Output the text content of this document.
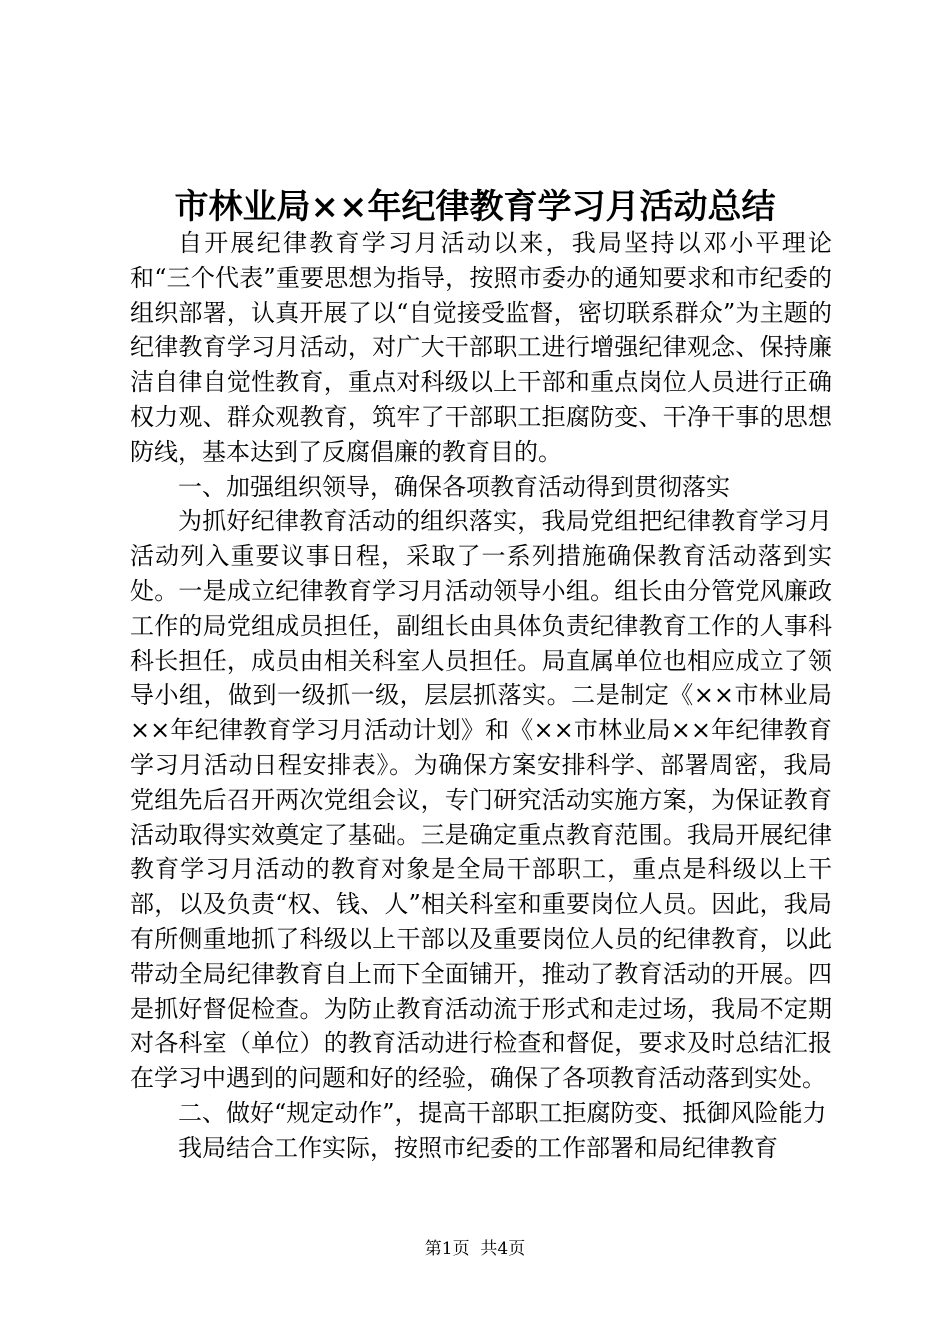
市林业局××年纪律教育学习月活动总结

自开展纪律教育学习月活动以来，我局坚持以邓小平理论和“三个代表”重要思想为指导，按照市委办的通知要求和市纪委的组织部署，认真开展了以“自觉接受监督，密切联系群众”为主题的纪律教育学习月活动，对广大干部职工进行增强纪律观念、保持廉洁自律自觉性教育，重点对科级以上干部和重点岗位人员进行正确权力观、群众观教育，筑牢了干部职工拒腐防变、干净干事的思想防线，基本达到了反腐倡廉的教育目的。

一、加强组织领导，确保各项教育活动得到贯彻落实

为抓好纪律教育活动的组织落实，我局党组把纪律教育学习月活动列入重要议事日程，采取了一系列措施确保教育活动落到实处。一是成立纪律教育学习月活动领导小组。组长由分管党风廉政工作的局党组成员担任，副组长由具体负责纪律教育工作的人事科科长担任，成员由相关科室人员担任。局直属单位也相应成立了领导小组，做到一级抓一级，层层抓落实。二是制定《××市林业局××年纪律教育学习月活动计划》和《××市林业局××年纪律教育学习月活动日程安排表》。为确保方案安排科学、部署周密，我局党组先后召开两次党组会议，专门研究活动实施方案，为保证教育活动取得实效奠定了基础。三是确定重点教育范围。我局开展纪律教育学习月活动的教育对象是全局干部职工，重点是科级以上干部，以及负责“权、钱、人”相关科室和重要岗位人员。因此，我局有所侧重地抓了科级以上干部以及重要岗位人员的纪律教育，以此带动全局纪律教育自上而下全面铺开，推动了教育活动的开展。四是抓好督促检查。为防止教育活动流于形式和走过场，我局不定期对各科室（单位）的教育活动进行检查和督促，要求及时总结汇报在学习中遇到的问题和好的经验，确保了各项教育活动落到实处。

二、做好“规定动作”，提高干部职工拒腐防变、抵御风险能力

我局结合工作实际，按照市纪委的工作部署和局纪律教育

第1页 共4页
